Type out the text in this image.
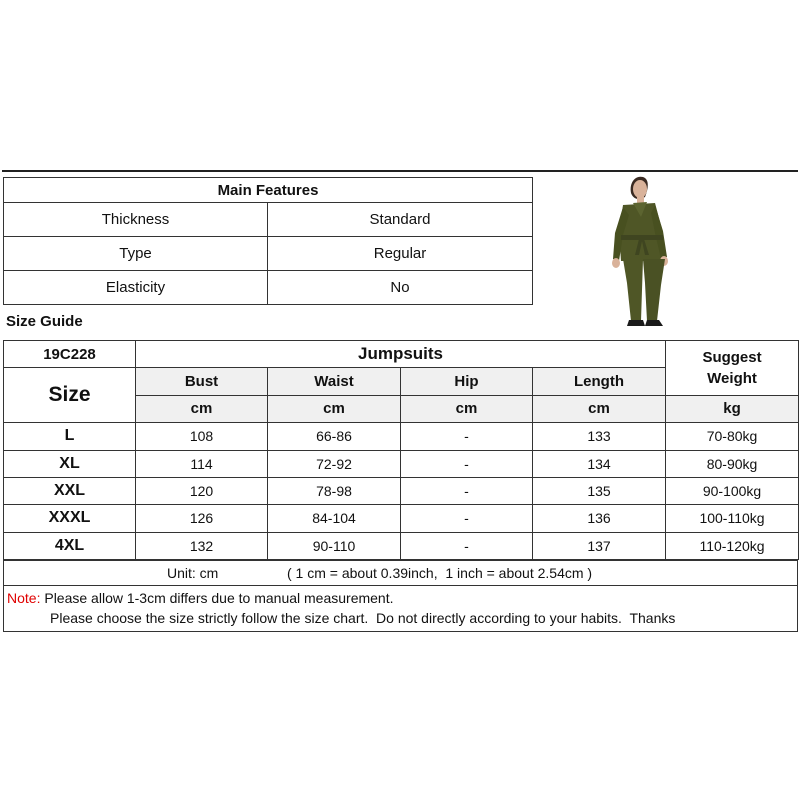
Main Features	
Thickness	Standard
Type	Regular
Elasticity	No
Size Guide
19C228	Jumpsuits				Suggest Weight
Size	Bust	Waist	Hip	Length	
	cm	cm	cm	cm	kg
L	108	66-86	-	133	70-80kg
XL	114	72-92	-	134	80-90kg
XXL	120	78-98	-	135	90-100kg
XXXL	126	84-104	-	136	100-110kg
4XL	132	90-110	-	137	110-120kg
Unit: cm	( 1 cm = about 0.39inch,  1 inch = about 2.54cm )

Note: Please allow 1-3cm differs due to manual measurement.
Please choose the size strictly follow the size chart.  Do not directly according to your habits.  Thanks
